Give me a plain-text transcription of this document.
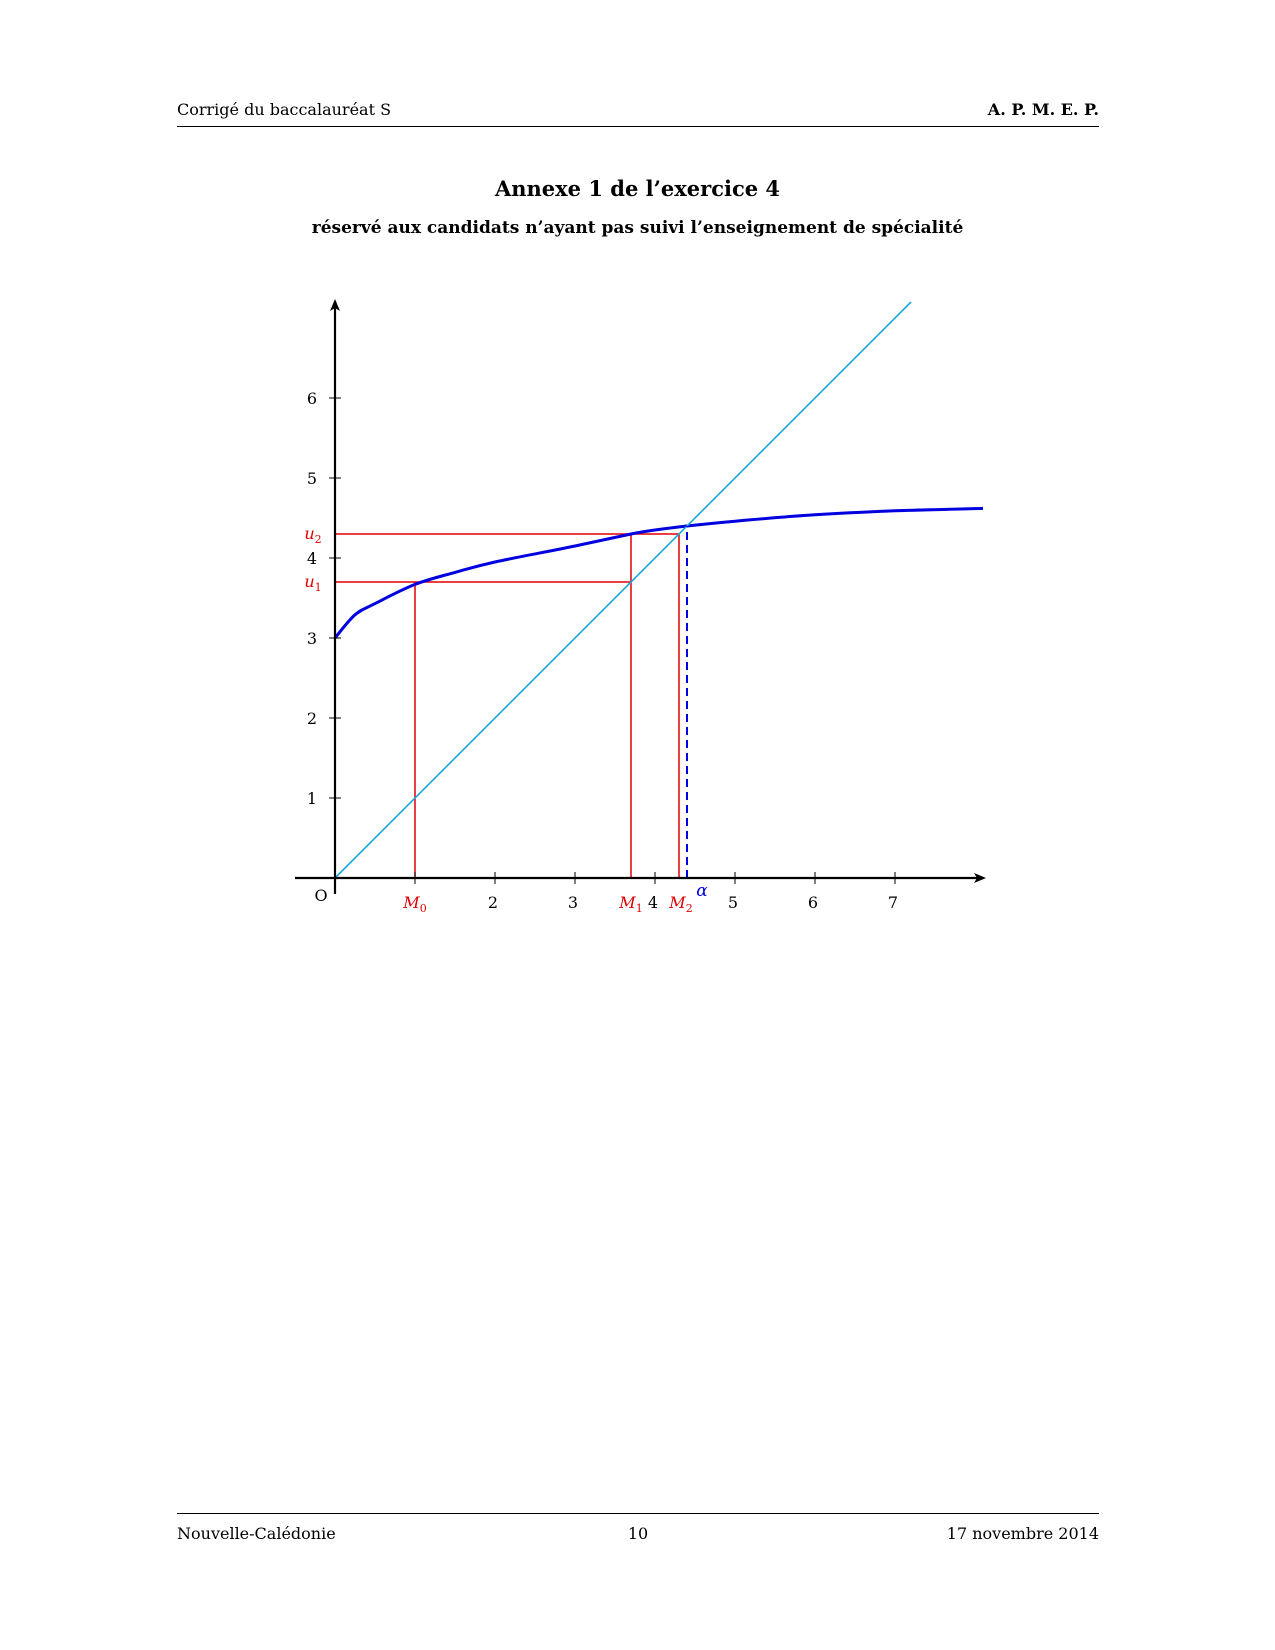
Corrigé du baccalauréat S	A. P. M. E. P.
Annexe 1 de l’exercice 4
réservé aux candidats n’ayant pas suivi l’enseignement de spécialité
2	3	4	5	6	7
1
2
3
4
5
6
O	α
$M_0$	$M_1$ $M_2$
$u_1$
$u_2$
Nouvelle-Calédonie	10	17 novembre 2014
